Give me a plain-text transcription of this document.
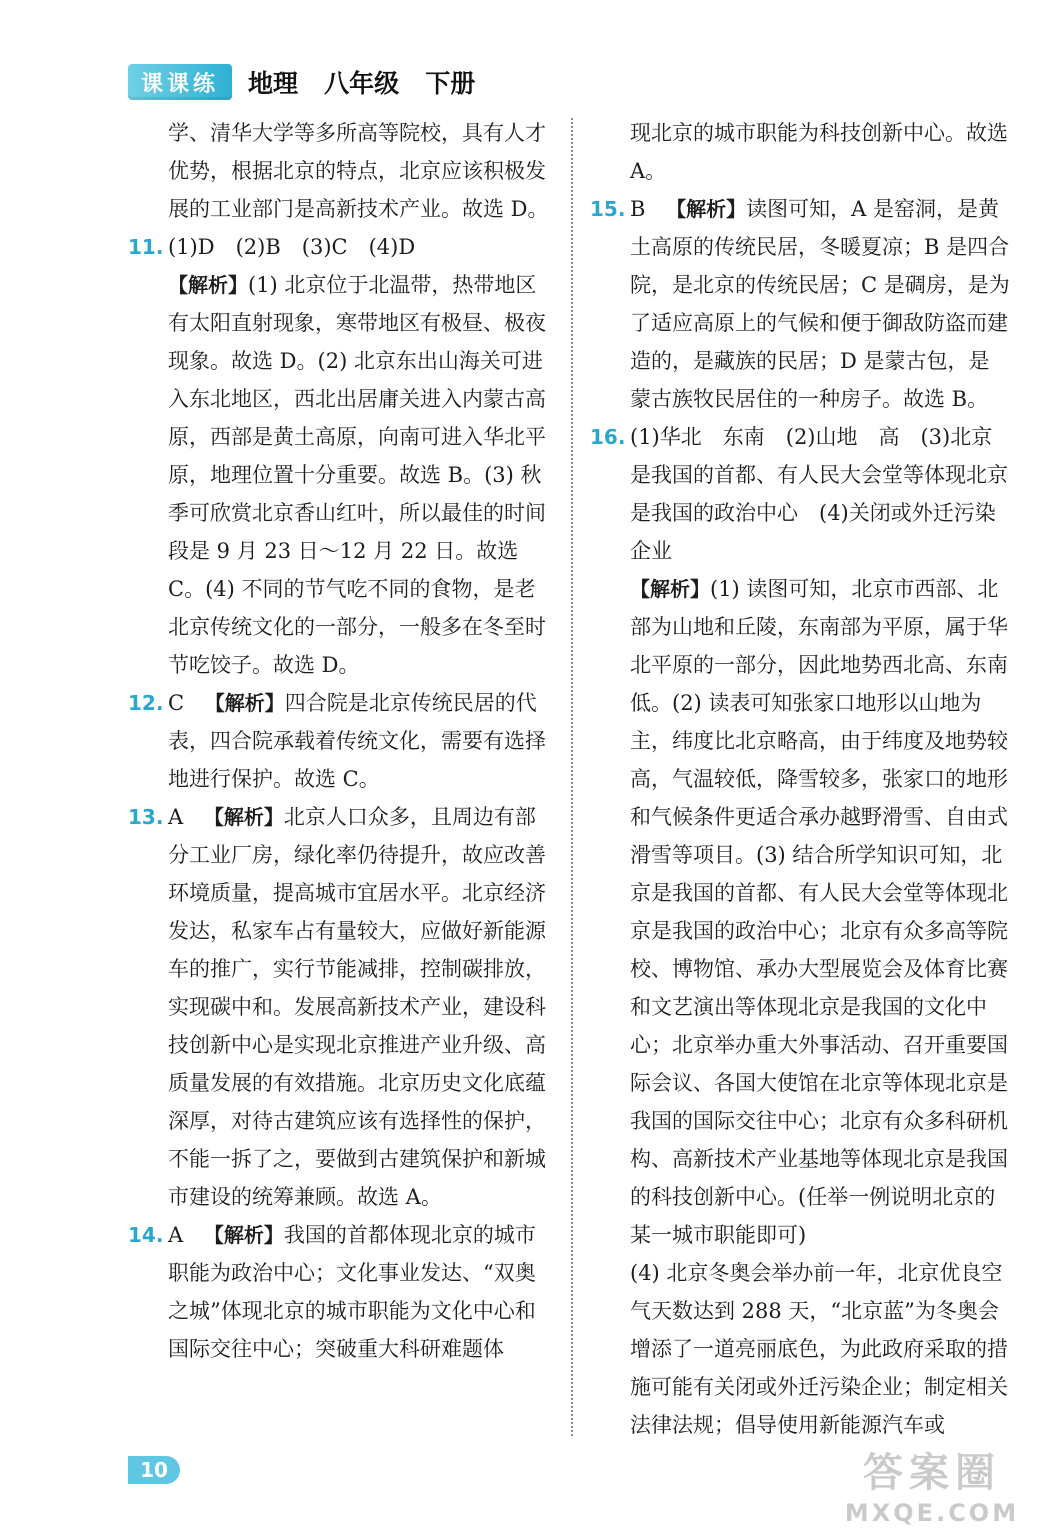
课课练	地理   八年级   下册

学、清华大学等多所高等院校，具有人才优势，根据北京的特点，北京应该积极发展的工业部门是高新技术产业。故选 D。

11. (1)D　(2)B　(3)C　(4)D
【解析】(1) 北京位于北温带，热带地区有太阳直射现象，寒带地区有极昼、极夜现象。故选 D。(2) 北京东出山海关可进入东北地区，西北出居庸关进入内蒙古高原，西部是黄土高原，向南可进入华北平原，地理位置十分重要。故选 B。(3) 秋季可欣赏北京香山红叶，所以最佳的时间段是 9 月 23 日～12 月 22 日。故选 C。(4) 不同的节气吃不同的食物，是老北京传统文化的一部分，一般多在冬至时节吃饺子。故选 D。

12. C 【解析】四合院是北京传统民居的代表，四合院承载着传统文化，需要有选择地进行保护。故选 C。

13. A 【解析】北京人口众多，且周边有部分工业厂房，绿化率仍待提升，故应改善环境质量，提高城市宜居水平。北京经济发达，私家车占有量较大，应做好新能源车的推广，实行节能减排，控制碳排放，实现碳中和。发展高新技术产业，建设科技创新中心是实现北京推进产业升级、高质量发展的有效措施。北京历史文化底蕴深厚，对待古建筑应该有选择性的保护，不能一拆了之，要做到古建筑保护和新城市建设的统筹兼顾。故选 A。

14. A 【解析】我国的首都体现北京的城市职能为政治中心；文化事业发达、“双奥之城”体现北京的城市职能为文化中心和国际交往中心；突破重大科研难题体

现北京的城市职能为科技创新中心。故选 A。

15. B 【解析】读图可知，A 是窑洞，是黄土高原的传统民居，冬暖夏凉；B 是四合院，是北京的传统民居；C 是碉房，是为了适应高原上的气候和便于御敌防盗而建造的，是藏族的民居；D 是蒙古包，是蒙古族牧民居住的一种房子。故选 B。

16. (1)华北　东南　(2)山地　高　(3)北京是我国的首都、有人民大会堂等体现北京是我国的政治中心　(4)关闭或外迁污染企业
【解析】(1) 读图可知，北京市西部、北部为山地和丘陵，东南部为平原，属于华北平原的一部分，因此地势西北高、东南低。(2) 读表可知张家口地形以山地为主，纬度比北京略高，由于纬度及地势较高，气温较低，降雪较多，张家口的地形和气候条件更适合承办越野滑雪、自由式滑雪等项目。(3) 结合所学知识可知，北京是我国的首都、有人民大会堂等体现北京是我国的政治中心；北京有众多高等院校、博物馆、承办大型展览会及体育比赛和文艺演出等体现北京是我国的文化中心；北京举办重大外事活动、召开重要国际会议、各国大使馆在北京等体现北京是我国的国际交往中心；北京有众多科研机构、高新技术产业基地等体现北京是我国的科技创新中心。(任举一例说明北京的某一城市职能即可)
(4) 北京冬奥会举办前一年，北京优良空气天数达到 288 天，“北京蓝”为冬奥会增添了一道亮丽底色，为此政府采取的措施可能有关闭或外迁污染企业；制定相关法律法规；倡导使用新能源汽车或

10	答案圈
MXQE.COM
